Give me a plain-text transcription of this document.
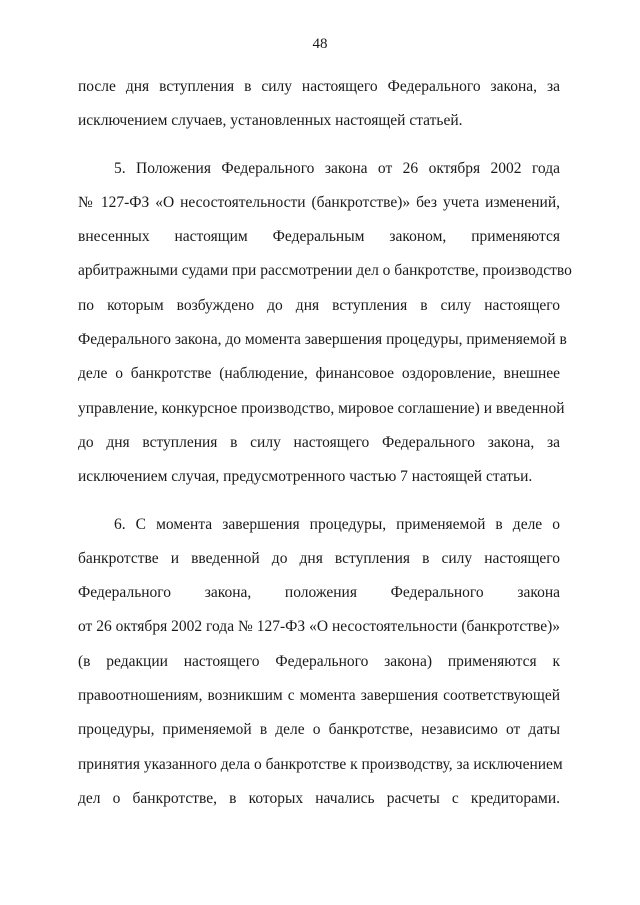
48
после дня вступления в силу настоящего Федерального закона, за
исключением случаев, установленных настоящей статьей.
5. Положения Федерального закона от 26 октября 2002 года
№ 127-ФЗ «О несостоятельности (банкротстве)» без учета изменений,
внесенных настоящим Федеральным законом, применяются
арбитражными судами при рассмотрении дел о банкротстве, производство
по которым возбуждено до дня вступления в силу настоящего
Федерального закона, до момента завершения процедуры, применяемой в
деле о банкротстве (наблюдение, финансовое оздоровление, внешнее
управление, конкурсное производство, мировое соглашение) и введенной
до дня вступления в силу настоящего Федерального закона, за
исключением случая, предусмотренного частью 7 настоящей статьи.
6. С момента завершения процедуры, применяемой в деле о
банкротстве и введенной до дня вступления в силу настоящего
Федерального закона, положения Федерального закона
от 26 октября 2002 года № 127-ФЗ «О несостоятельности (банкротстве)»
(в редакции настоящего Федерального закона) применяются к
правоотношениям, возникшим с момента завершения соответствующей
процедуры, применяемой в деле о банкротстве, независимо от даты
принятия указанного дела о банкротстве к производству, за исключением
дел о банкротстве, в которых начались расчеты с кредиторами.
